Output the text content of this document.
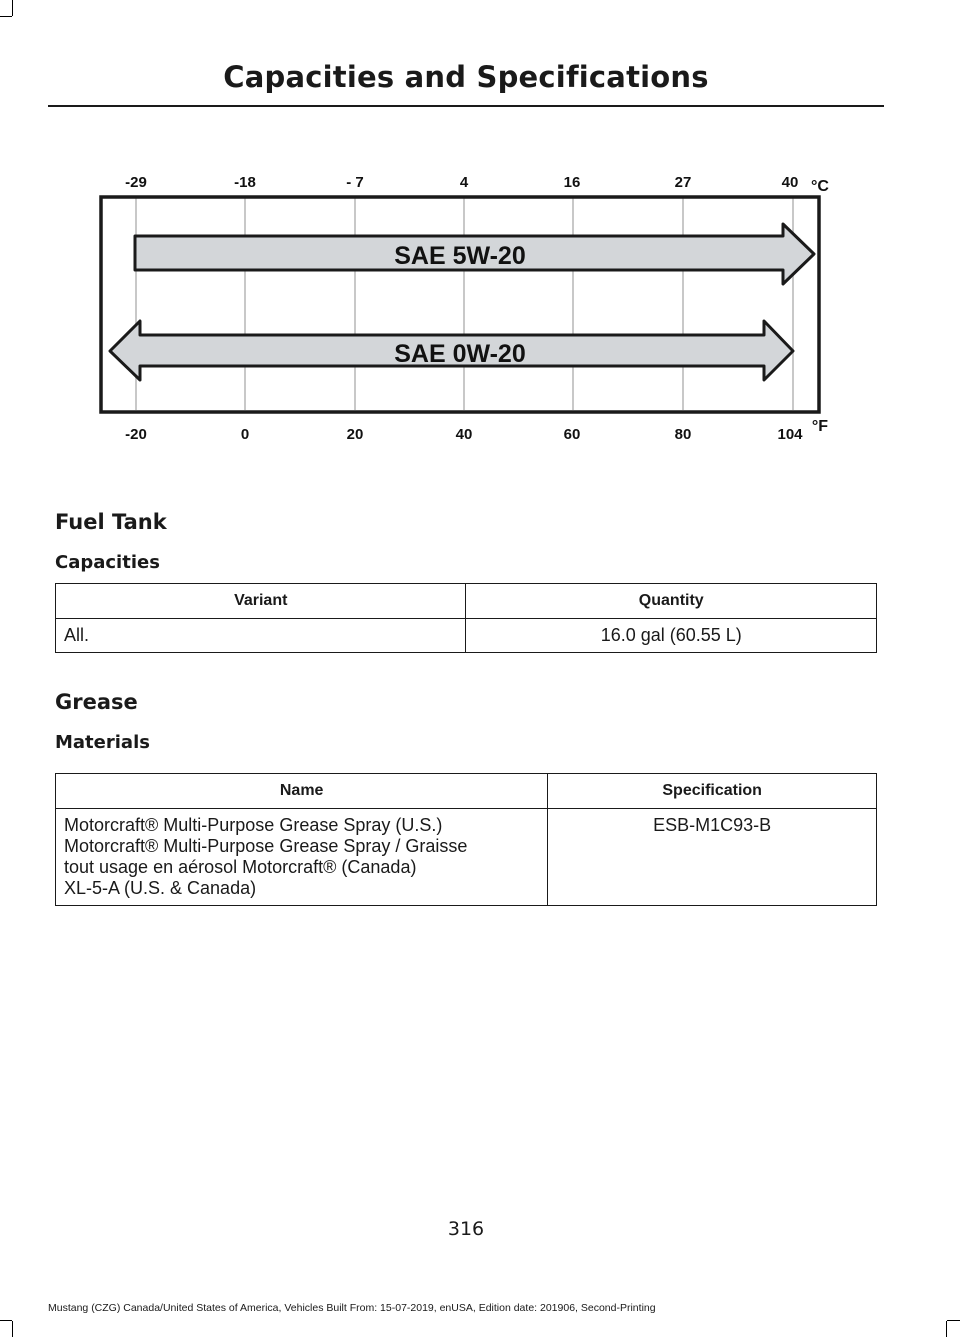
Capacities and Specifications
SAE 5W-20
SAE 0W-20
-29	-18	- 7	4	16	27	40 °C
-20	0	20	40	60	80	104 °F
Fuel Tank
Capacities
Variant	Quantity
All.	16.0 gal (60.55 L)
Grease
Materials
Name	Specification

Motorcraft® Multi-Purpose Grease Spray (U.S.)
Motorcraft® Multi-Purpose Grease Spray / Graisse
tout usage en aérosol Motorcraft® (Canada)
XL-5-A (U.S. & Canada)	ESB-M1C93-B
316
Mustang (CZG) Canada/United States of America, Vehicles Built From: 15-07-2019, enUSA, Edition date: 201906, Second-Printing
